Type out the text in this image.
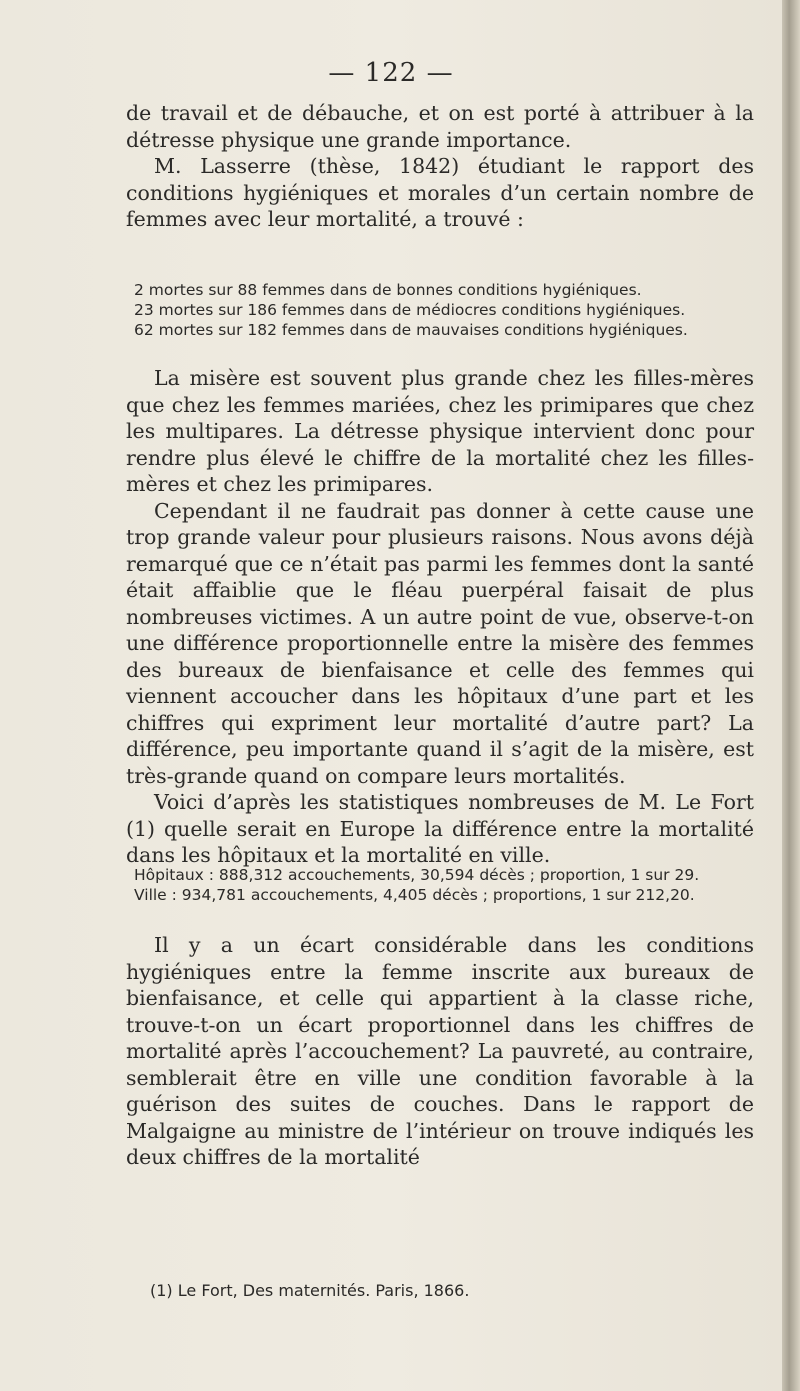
— 122 —

de travail et de débauche, et on est porté à attribuer à la détresse physique une grande importance.

M. Lasserre (thèse, 1842) étudiant le rapport des conditions hygiéniques et morales d’un certain nombre de femmes avec leur mortalité, a trouvé :

2 mortes sur 88 femmes dans de bonnes conditions hygiéniques.
23 mortes sur 186 femmes dans de médiocres conditions hygiéniques.
62 mortes sur 182 femmes dans de mauvaises conditions hygiéniques.

La misère est souvent plus grande chez les filles-mères que chez les femmes mariées, chez les primipares que chez les multipares. La détresse physique intervient donc pour rendre plus élevé le chiffre de la mortalité chez les filles-mères et chez les primipares.

Cependant il ne faudrait pas donner à cette cause une trop grande valeur pour plusieurs raisons. Nous avons déjà remarqué que ce n’était pas parmi les femmes dont la santé était affaiblie que le fléau puerpéral faisait de plus nombreuses victimes. A un autre point de vue, observe-t-on une différence proportionnelle entre la misère des femmes des bureaux de bienfaisance et celle des femmes qui viennent accoucher dans les hôpitaux d’une part et les chiffres qui expriment leur mortalité d’autre part? La différence, peu importante quand il s’agit de la misère, est très-grande quand on compare leurs mortalités.

Voici d’après les statistiques nombreuses de M. Le Fort (1) quelle serait en Europe la différence entre la mortalité dans les hôpitaux et la mortalité en ville.

Hôpitaux : 888,312 accouchements, 30,594 décès ; proportion, 1 sur 29.
Ville : 934,781 accouchements, 4,405 décès ; proportions, 1 sur 212,20.

Il y a un écart considérable dans les conditions hygiéniques entre la femme inscrite aux bureaux de bienfaisance, et celle qui appartient à la classe riche, trouve-t-on un écart proportionnel dans les chiffres de mortalité après l’accouchement? La pauvreté, au contraire, semblerait être en ville une condition favorable à la guérison des suites de couches. Dans le rapport de Malgaigne au ministre de l’intérieur on trouve indiqués les deux chiffres de la mortalité

(1) Le Fort, Des maternités. Paris, 1866.
